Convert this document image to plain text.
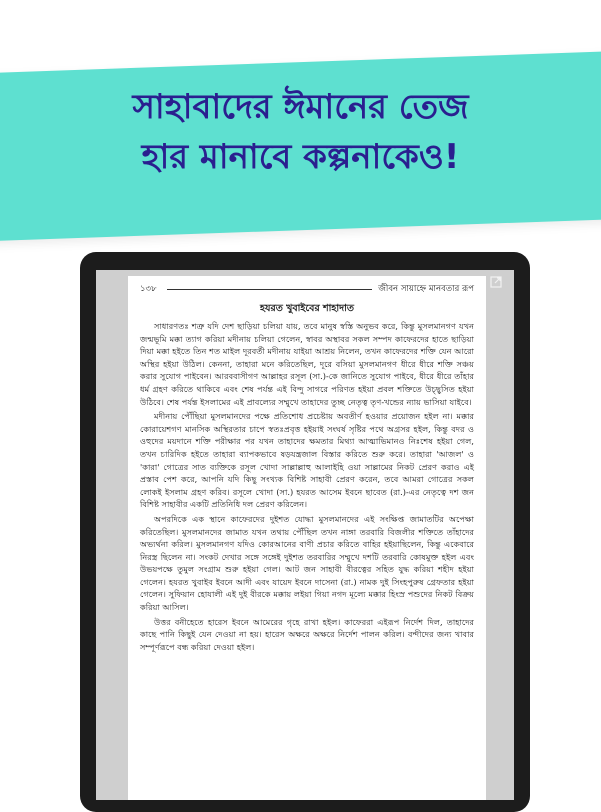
সাহাবাদের ঈমানের তেজ
হার মানাবে কল্পনাকেও!
১৩৮	জীবন সায়াহ্নে মানবতার রূপ
হযরত খুবাইবের শাহাদাত

সাধারণতঃ শত্রু যদি দেশ ছাড়িয়া চলিয়া যায়, তবে মানুষ স্বস্তি অনুভব করে, কিন্তু মুসলমানগণ যখন জন্মভূমি মক্কা ত্যাগ করিয়া মদীনায় চলিয়া গেলেন, স্বাবর অস্থাবর সকল সম্পদ কাফেরদের হাতে ছাড়িয়া দিয়া মক্কা হইতে তিন শত মাইল দূরবর্তী মদীনায় যাইয়া আশ্রয় নিলেন, তখন কাফেরদের শক্তি যেন আরো অস্থির হইয়া উঠিল। কেননা, তাহারা মনে করিতেছিল, দূরে বসিয়া মুসলমানগণ ধীরে ধীরে শক্তি সঞ্চয় করার সুযোগ পাইবেন। আরববাসীগণ আল্লাহর রসূল (সা.)-কে জানিতে সুযোগ পাইবে, ধীরে ধীরে তাঁহার ধর্ম গ্রহণ করিতে থাকিবে এবং শেষ পর্যন্ত এই বিন্দু সাগরে পরিণত হইয়া প্রবল শক্তিতে উচ্ছ্বসিত হইয়া উঠিবে। শেষ পর্যন্ত ইসলামের এই প্রাবল্যের সম্মুখে তাহাদের তুচ্ছ নেতৃত্ব তৃণ-খন্ডের ন্যায় ভাসিয়া যাইবে।

মদীনায় পৌঁছিয়া মুসলমানদের পক্ষে প্রতিশোধ প্রচেষ্টায় অবতীর্ণ হওয়ার প্রয়োজন হইল না। মক্কার কোরায়েশগণ মানসিক অস্থিরতার চাপে স্বতঃপ্রবৃত্ত হইয়াই সংঘর্ষ সৃষ্টির পথে অগ্রসর হইল, কিন্তু বদর ও ওহুদের ময়দানে শক্তি পরীক্ষার পর যখন তাহাদের ক্ষমতার মিথ্যা আত্মাভিমানও নিঃশেষ হইয়া গেল, তখন চারিদিক হইতে তাহারা ব্যাপকভাবে ষড়যন্ত্রজাল বিস্তার করিতে শুরু করে। তাহারা 'আজল' ও 'কারা' গোত্রের সাত ব্যক্তিকে রসূল খোদা সাল্লাল্লাহু আলাইহি ওয়া সাল্লামের নিকট প্রেরণ করাও এই প্রস্তাব পেশ করে, আপনি যদি কিছু সংখ্যক বিশিষ্ট সাহাবী প্রেরণ করেন, তবে আমরা গোত্রের সকল লোকই ইসলাম গ্রহণ করিব। রসূলে খোদা (সা.) হযরত আসেম ইবনে ছাবেত (রা.)-এর নেতৃত্বে দশ জন বিশিষ্ট সাহাবীর একটি প্রতিনিধি দল প্রেরণ করিলেন।

অপরদিকে এক স্থানে কাফেরদের দুইশত যোদ্ধা মুসলমানদের এই সংক্ষিপ্ত জামাতটির অপেক্ষা করিতেছিল। মুসলমানদের জামাত যখন তথায় পৌঁছিল তখন নাঙ্গা তরবারি বিজলীর শক্তিতে তাঁহাদের অভ্যর্থনা করিল। মুসলমানগণ যদিও কোরআনের বাণী প্রচার করিতে বাহির হইয়াছিলেন, কিন্তু একেবারে নিরস্ত্র ছিলেন না। সংকট দেখার সঙ্গে সঙ্গেই দুইশত তরবারির সম্মুখে দশটি তরবারি কোষমুক্ত হইল এবং উভয়পক্ষে তুমুল সংগ্রাম শুরু হইয়া গেল। আট জন সাহাবী বীরত্বের সহিত যুদ্ধ করিয়া শহীদ হইয়া গেলেন। হযরত খুবাইব ইবনে আদী এবং যায়েদ ইবনে দাসেনা (রা.) নামক দুই সিংহপুরুষ গ্রেফতার হইয়া গেলেন। সুফিয়ান হোযালী এই দুই বীরকে মক্কায় লইয়া গিয়া নগদ মূল্যে মক্কার হিংস্র পশুদের নিকট বিক্রয় করিয়া আসিল।

উত্তর বনীহেতে হারেস ইবনে আমেরের গৃহে রাখা হইল। কাফেররা এইরূপ নির্দেশ দিল, তাহাদের কাছে পানি কিছুই যেন দেওয়া না হয়। হারেস অক্ষরে অক্ষরে নির্দেশ পালন করিল। বন্দীদের জন্য খাবার সম্পূর্ণরূপে বন্ধ করিয়া দেওয়া হইল।
